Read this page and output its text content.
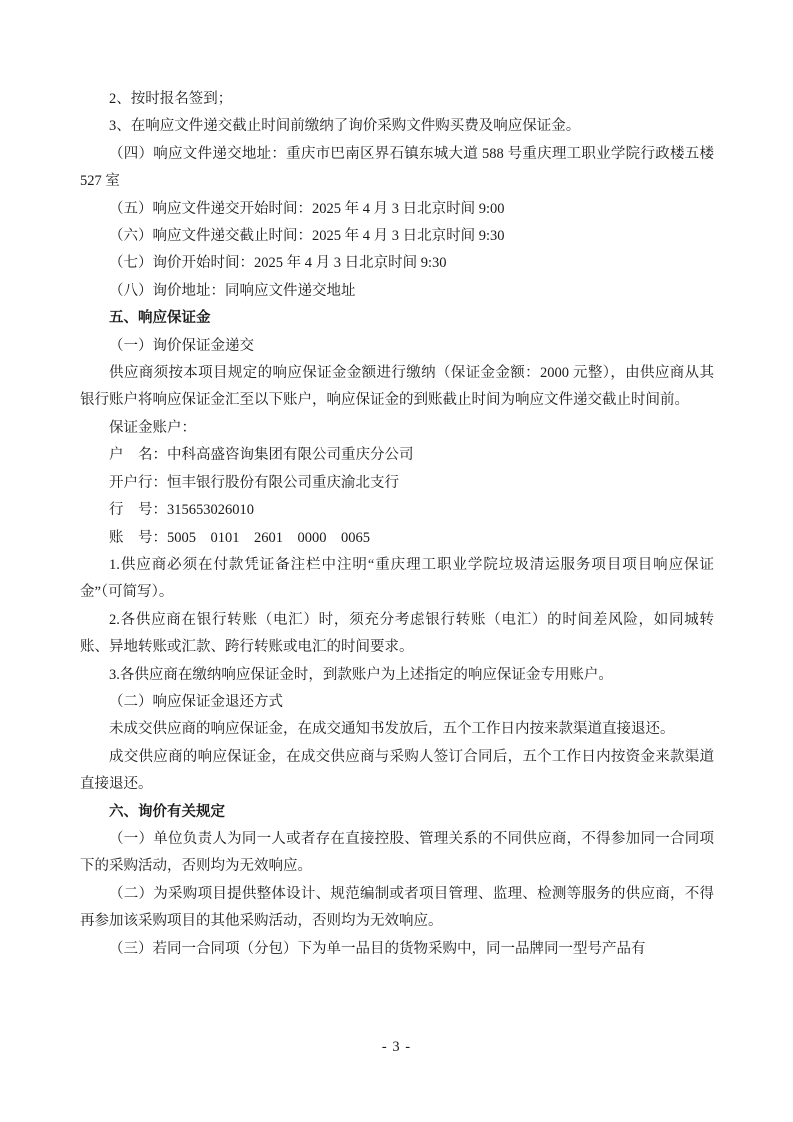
2、按时报名签到；

3、在响应文件递交截止时间前缴纳了询价采购文件购买费及响应保证金。

（四）响应文件递交地址：重庆市巴南区界石镇东城大道 588 号重庆理工职业学院行政楼五楼 527 室

（五）响应文件递交开始时间：2025 年 4 月 3 日北京时间 9:00

（六）响应文件递交截止时间：2025 年 4 月 3 日北京时间 9:30

（七）询价开始时间：2025 年 4 月 3 日北京时间 9:30

（八）询价地址：同响应文件递交地址

五、响应保证金

（一）询价保证金递交

供应商须按本项目规定的响应保证金金额进行缴纳（保证金金额：2000 元整），由供应商从其银行账户将响应保证金汇至以下账户，响应保证金的到账截止时间为响应文件递交截止时间前。

保证金账户：

户　名：中科高盛咨询集团有限公司重庆分公司

开户行：恒丰银行股份有限公司重庆渝北支行

行　号：315653026010

账　号：5005　0101　2601　0000　0065

1.供应商必须在付款凭证备注栏中注明“重庆理工职业学院垃圾清运服务项目项目响应保证金”（可简写）。

2.各供应商在银行转账（电汇）时，须充分考虑银行转账（电汇）的时间差风险，如同城转账、异地转账或汇款、跨行转账或电汇的时间要求。

3.各供应商在缴纳响应保证金时，到款账户为上述指定的响应保证金专用账户。

（二）响应保证金退还方式

未成交供应商的响应保证金，在成交通知书发放后，五个工作日内按来款渠道直接退还。

成交供应商的响应保证金，在成交供应商与采购人签订合同后，五个工作日内按资金来款渠道直接退还。

六、询价有关规定

（一）单位负责人为同一人或者存在直接控股、管理关系的不同供应商，不得参加同一合同项下的采购活动，否则均为无效响应。

（二）为采购项目提供整体设计、规范编制或者项目管理、监理、检测等服务的供应商，不得再参加该采购项目的其他采购活动，否则均为无效响应。

（三）若同一合同项（分包）下为单一品目的货物采购中，同一品牌同一型号产品有

- 3 -
